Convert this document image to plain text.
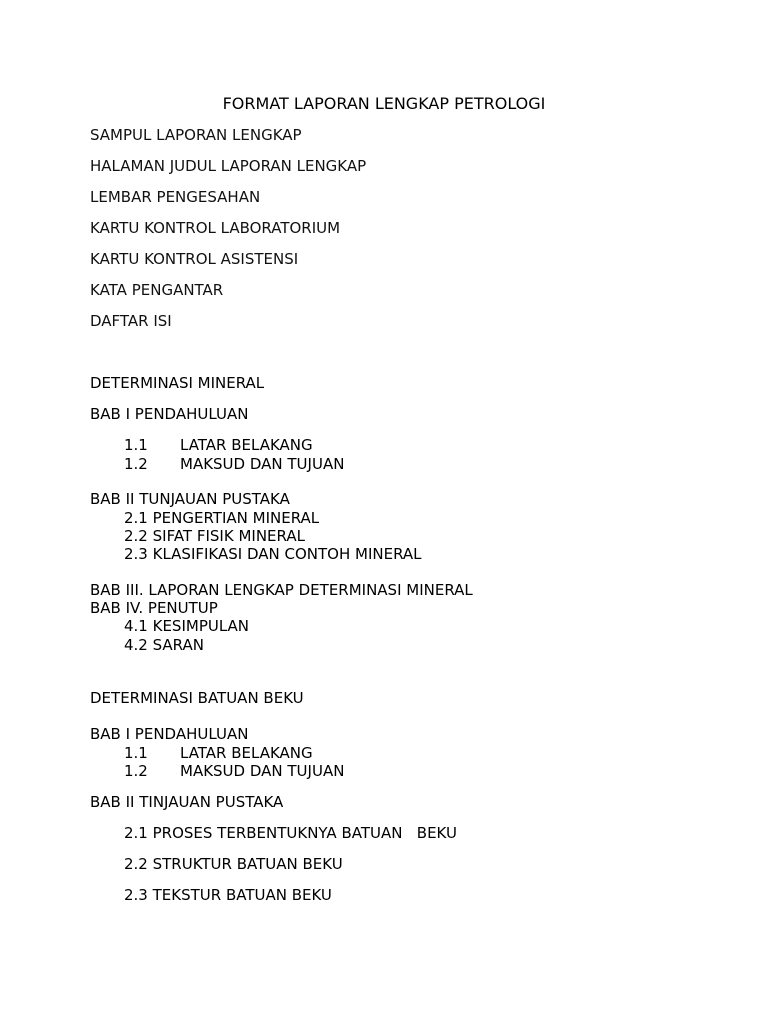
FORMAT LAPORAN LENGKAP PETROLOGI
SAMPUL LAPORAN LENGKAP
HALAMAN JUDUL LAPORAN LENGKAP
LEMBAR PENGESAHAN
KARTU KONTROL LABORATORIUM
KARTU KONTROL ASISTENSI
KATA PENGANTAR
DAFTAR ISI
DETERMINASI MINERAL
BAB I PENDAHULUAN
1.1 LATAR BELAKANG
1.2 MAKSUD DAN TUJUAN
BAB II TUNJAUAN PUSTAKA
2.1 PENGERTIAN MINERAL
2.2 SIFAT FISIK MINERAL
2.3 KLASIFIKASI DAN CONTOH MINERAL
BAB III. LAPORAN LENGKAP DETERMINASI MINERAL
BAB IV. PENUTUP
4.1 KESIMPULAN
4.2 SARAN
DETERMINASI BATUAN BEKU
BAB I PENDAHULUAN
1.1 LATAR BELAKANG
1.2 MAKSUD DAN TUJUAN
BAB II TINJAUAN PUSTAKA
2.1 PROSES TERBENTUKNYA BATUAN   BEKU
2.2 STRUKTUR BATUAN BEKU
2.3 TEKSTUR BATUAN BEKU
